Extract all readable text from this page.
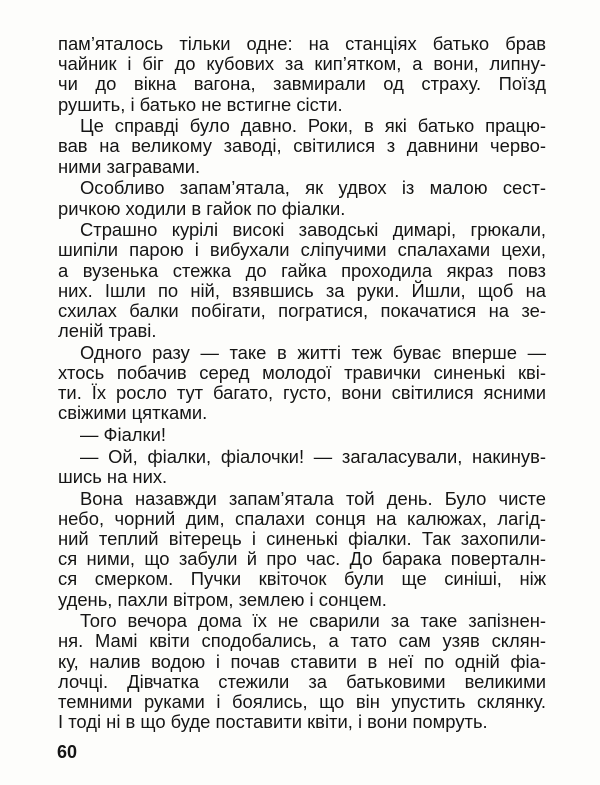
пам’яталось тільки одне: на станціях батько брав
чайник і біг до кубових за кип’ятком, а вони, липну-
чи до вікна вагона, завмирали од страху. Поїзд
рушить, і батько не встигне сісти.
Це справді було давно. Роки, в які батько працю-
вав на великому заводі, світилися з давнини черво-
ними загравами.
Особливо запам’ятала, як удвох із малою сест-
ричкою ходили в гайок по фіалки.
Страшно курілі високі заводські димарі, грюкали,
шипіли парою і вибухали сліпучими спалахами цехи,
а вузенька стежка до гайка проходила якраз повз
них. Ішли по ній, взявшись за руки. Йшли, щоб на
схилах балки побігати, погратися, покачатися на зе-
леній траві.
Одного разу — таке в житті теж буває вперше —
хтось побачив серед молодої травички синенькі кві-
ти. Їх росло тут багато, густо, вони світилися ясними
свіжими цятками.
— Фіалки!
— Ой, фіалки, фіалочки! — загаласували, накинув-
шись на них.
Вона назавжди запам’ятала той день. Було чисте
небо, чорний дим, спалахи сонця на калюжах, лагід-
ний теплий вітерець і синенькі фіалки. Так захопили-
ся ними, що забули й про час. До барака поверталн-
ся смерком. Пучки квіточок були ще синіші, ніж
удень, пахли вітром, землею і сонцем.
Того вечора дома їх не сварили за таке запізнен-
ня. Мамі квіти сподобались, а тато сам узяв склян-
ку, налив водою і почав ставити в неї по одній фіа-
лочці. Дівчатка стежили за батьковими великими
темними руками і боялись, що він упустить склянку.
І тоді ні в що буде поставити квіти, і вони помруть.
60
